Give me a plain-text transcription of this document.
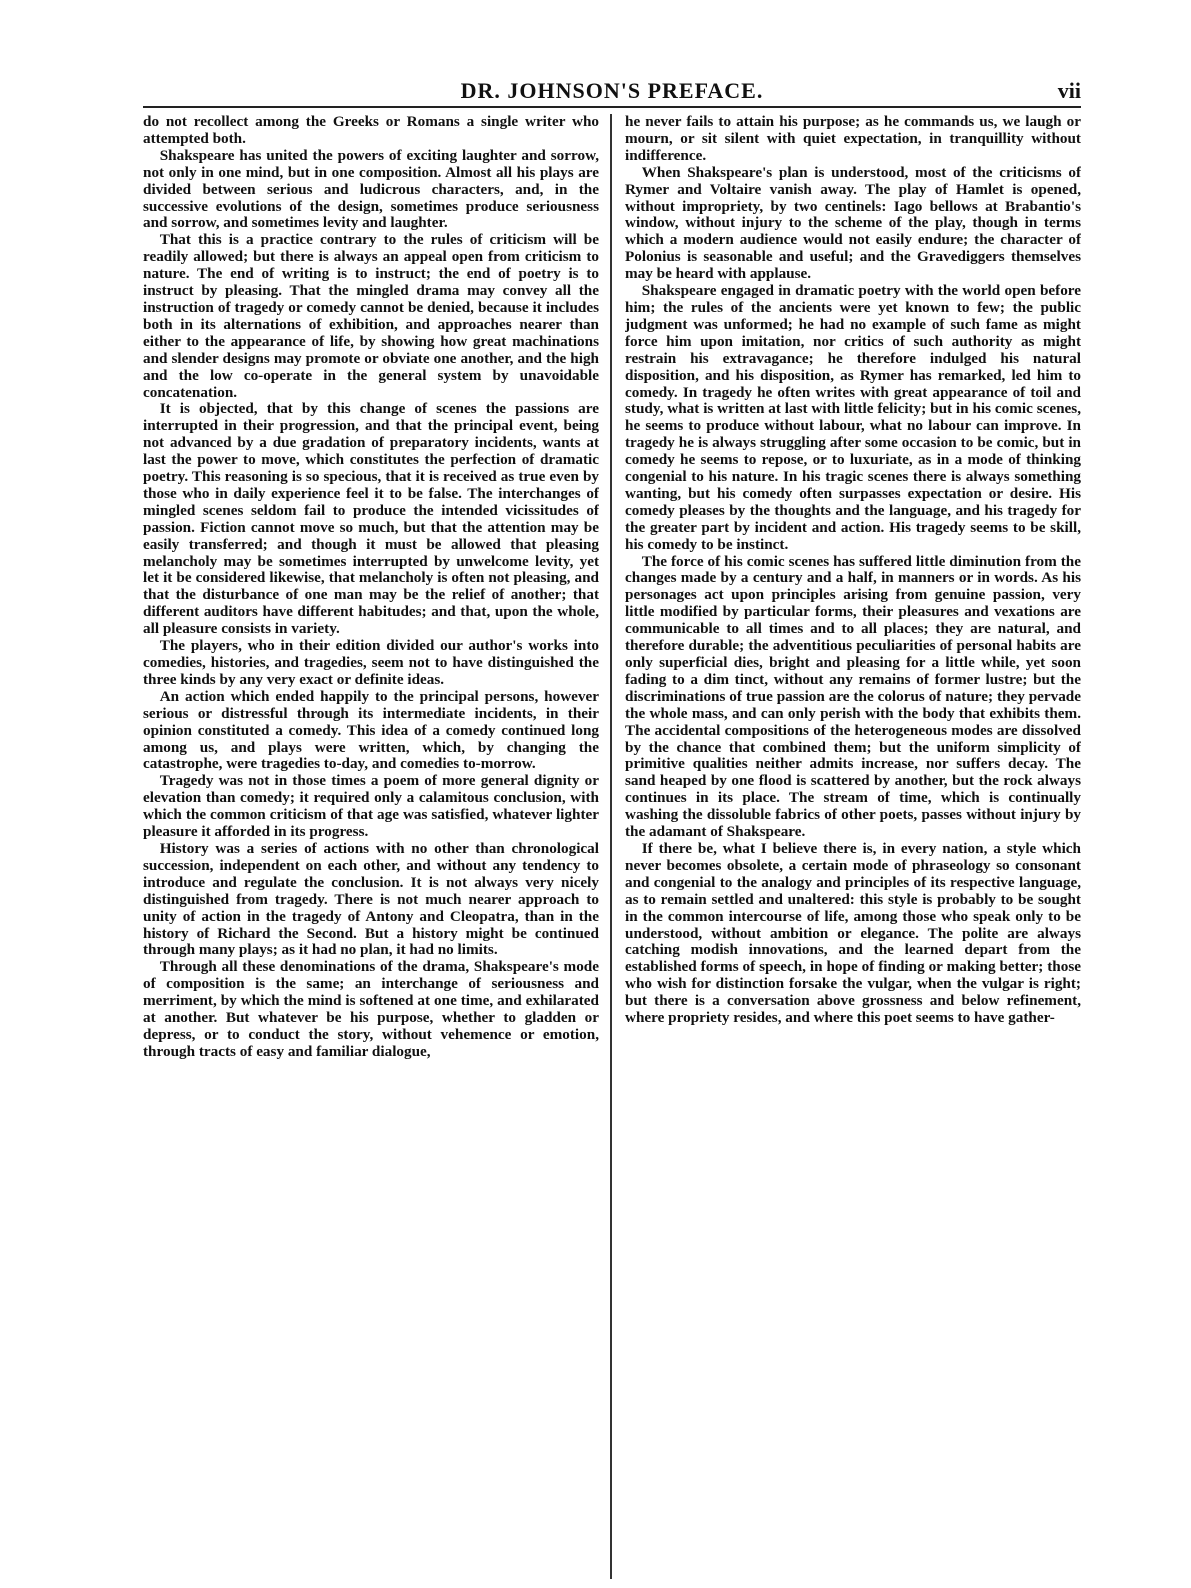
DR. JOHNSON'S PREFACE.	vii

do not recollect among the Greeks or Romans a single writer who attempted both.

Shakspeare has united the powers of exciting laughter and sorrow, not only in one mind, but in one composition. Almost all his plays are divided between serious and ludicrous characters, and, in the successive evolutions of the design, sometimes produce seriousness and sorrow, and sometimes levity and laughter.

That this is a practice contrary to the rules of criticism will be readily allowed; but there is always an appeal open from criticism to nature. The end of writing is to instruct; the end of poetry is to instruct by pleasing. That the mingled drama may convey all the instruction of tragedy or comedy cannot be denied, because it includes both in its alternations of exhibition, and approaches nearer than either to the appearance of life, by showing how great machinations and slender designs may promote or obviate one another, and the high and the low co-operate in the general system by unavoidable concatenation.

It is objected, that by this change of scenes the passions are interrupted in their progression, and that the principal event, being not advanced by a due gradation of preparatory incidents, wants at last the power to move, which constitutes the perfection of dramatic poetry. This reasoning is so specious, that it is received as true even by those who in daily experience feel it to be false. The interchanges of mingled scenes seldom fail to produce the intended vicissitudes of passion. Fiction cannot move so much, but that the attention may be easily transferred; and though it must be allowed that pleasing melancholy may be sometimes interrupted by unwelcome levity, yet let it be considered likewise, that melancholy is often not pleasing, and that the disturbance of one man may be the relief of another; that different auditors have different habitudes; and that, upon the whole, all pleasure consists in variety.

The players, who in their edition divided our author's works into comedies, histories, and tragedies, seem not to have distinguished the three kinds by any very exact or definite ideas.

An action which ended happily to the principal persons, however serious or distressful through its intermediate incidents, in their opinion constituted a comedy. This idea of a comedy continued long among us, and plays were written, which, by changing the catastrophe, were tragedies to-day, and comedies to-morrow.

Tragedy was not in those times a poem of more general dignity or elevation than comedy; it required only a calamitous conclusion, with which the common criticism of that age was satisfied, whatever lighter pleasure it afforded in its progress.

History was a series of actions with no other than chronological succession, independent on each other, and without any tendency to introduce and regulate the conclusion. It is not always very nicely distinguished from tragedy. There is not much nearer approach to unity of action in the tragedy of Antony and Cleopatra, than in the history of Richard the Second. But a history might be continued through many plays; as it had no plan, it had no limits.

Through all these denominations of the drama, Shakspeare's mode of composition is the same; an interchange of seriousness and merriment, by which the mind is softened at one time, and exhilarated at another. But whatever be his purpose, whether to gladden or depress, or to conduct the story, without vehemence or emotion, through tracts of easy and familiar dialogue,

he never fails to attain his purpose; as he commands us, we laugh or mourn, or sit silent with quiet expectation, in tranquillity without indifference.

When Shakspeare's plan is understood, most of the criticisms of Rymer and Voltaire vanish away. The play of Hamlet is opened, without impropriety, by two centinels: Iago bellows at Brabantio's window, without injury to the scheme of the play, though in terms which a modern audience would not easily endure; the character of Polonius is seasonable and useful; and the Gravediggers themselves may be heard with applause.

Shakspeare engaged in dramatic poetry with the world open before him; the rules of the ancients were yet known to few; the public judgment was unformed; he had no example of such fame as might force him upon imitation, nor critics of such authority as might restrain his extravagance; he therefore indulged his natural disposition, and his disposition, as Rymer has remarked, led him to comedy. In tragedy he often writes with great appearance of toil and study, what is written at last with little felicity; but in his comic scenes, he seems to produce without labour, what no labour can improve. In tragedy he is always struggling after some occasion to be comic, but in comedy he seems to repose, or to luxuriate, as in a mode of thinking congenial to his nature. In his tragic scenes there is always something wanting, but his comedy often surpasses expectation or desire. His comedy pleases by the thoughts and the language, and his tragedy for the greater part by incident and action. His tragedy seems to be skill, his comedy to be instinct.

The force of his comic scenes has suffered little diminution from the changes made by a century and a half, in manners or in words. As his personages act upon principles arising from genuine passion, very little modified by particular forms, their pleasures and vexations are communicable to all times and to all places; they are natural, and therefore durable; the adventitious peculiarities of personal habits are only superficial dies, bright and pleasing for a little while, yet soon fading to a dim tinct, without any remains of former lustre; but the discriminations of true passion are the colorus of nature; they pervade the whole mass, and can only perish with the body that exhibits them. The accidental compositions of the heterogeneous modes are dissolved by the chance that combined them; but the uniform simplicity of primitive qualities neither admits increase, nor suffers decay. The sand heaped by one flood is scattered by another, but the rock always continues in its place. The stream of time, which is continually washing the dissoluble fabrics of other poets, passes without injury by the adamant of Shakspeare.

If there be, what I believe there is, in every nation, a style which never becomes obsolete, a certain mode of phraseology so consonant and congenial to the analogy and principles of its respective language, as to remain settled and unaltered: this style is probably to be sought in the common intercourse of life, among those who speak only to be understood, without ambition or elegance. The polite are always catching modish innovations, and the learned depart from the established forms of speech, in hope of finding or making better; those who wish for distinction forsake the vulgar, when the vulgar is right; but there is a conversation above grossness and below refinement, where propriety resides, and where this poet seems to have gather-
